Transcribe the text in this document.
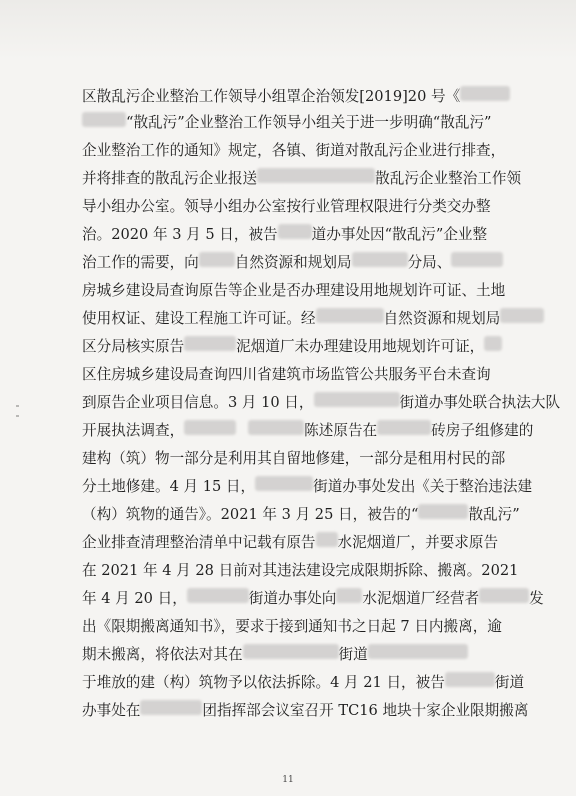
区散乱污企业整治工作领导小组罩企治领发[2019]20 号《
“散乱污”企业整治工作领导小组关于进一步明确“散乱污”
企业整治工作的通知》规定，各镇、街道对散乱污企业进行排查，
并将排查的散乱污企业报送	散乱污企业整治工作领
导小组办公室。领导小组办公室按行业管理权限进行分类交办整
治。2020 年 3 月 5 日，被告 道办事处因“散乱污”企业整
治工作的需要，向 自然资源和规划局	分局、
房城乡建设局查询原告等企业是否办理建设用地规划许可证、土地
使用权证、建设工程施工许可证。经	自然资源和规划局
区分局核实原告	泥烟道厂未办理建设用地规划许可证，
区住房城乡建设局查询四川省建筑市场监管公共服务平台未查询
到原告企业项目信息。3 月 10 日，	街道办事处联合执法大队
开展执法调查，	陈述原告在	砖房子组修建的
建构（筑）物一部分是利用其自留地修建，一部分是租用村民的部
分土地修建。4 月 15 日，	街道办事处发出《关于整治违法建
（构）筑物的通告》。2021 年 3 月 25 日，被告的“	散乱污”
企业排查清理整治清单中记载有原告 水泥烟道厂，并要求原告
在 2021 年 4 月 28 日前对其违法建设完成限期拆除、搬离。2021
年 4 月 20 日，	街道办事处向 水泥烟道厂经营者	发
出《限期搬离通知书》，要求于接到通知书之日起 7 日内搬离，逾
期未搬离，将依法对其在	街道
于堆放的建（构）筑物予以依法拆除。4 月 21 日，被告	街道
办事处在	团指挥部会议室召开 TC16 地块十家企业限期搬离
11
